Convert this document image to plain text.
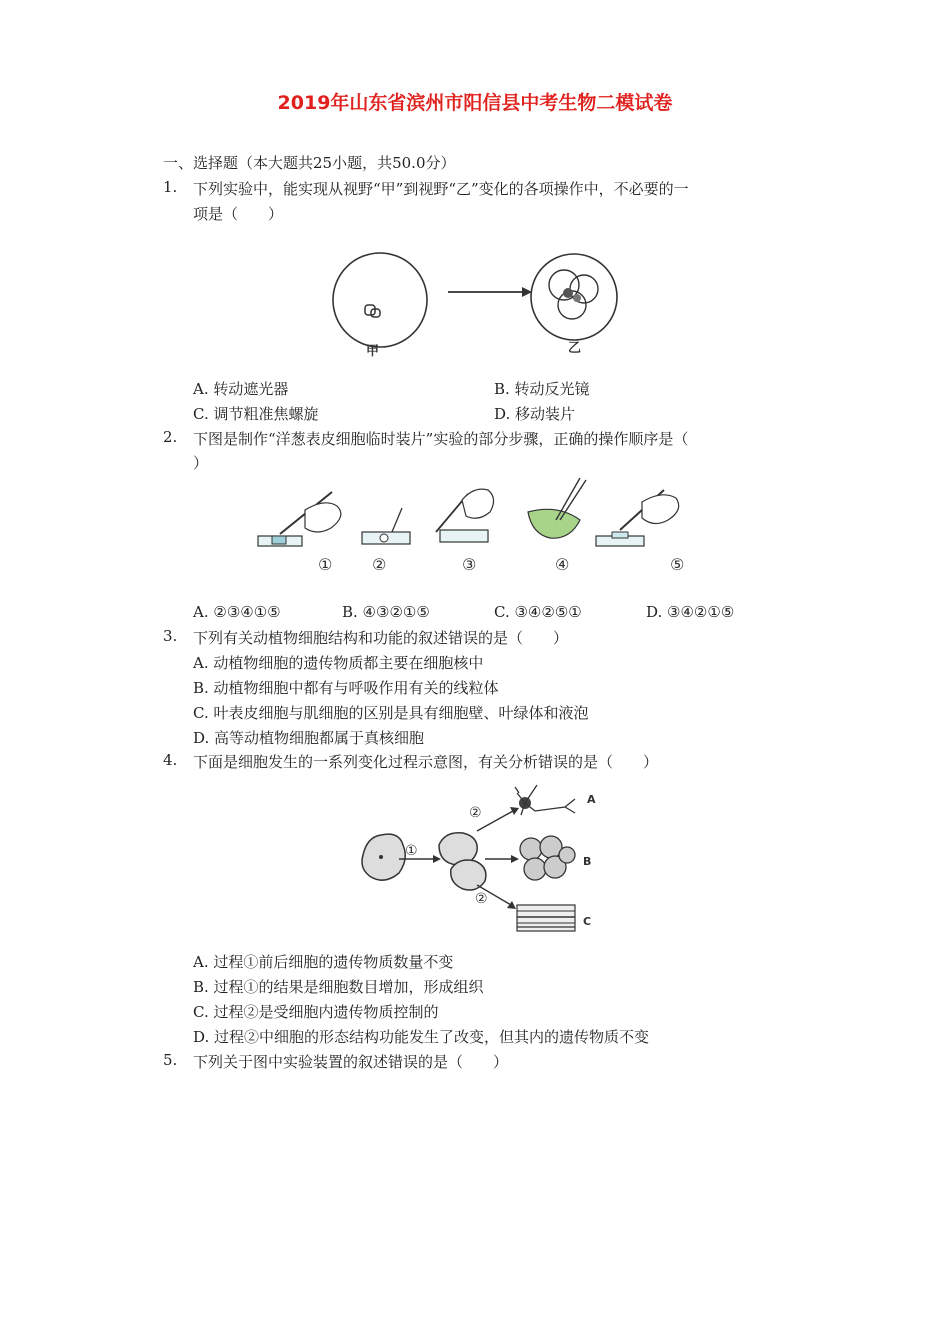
2019年山东省滨州市阳信县中考生物二模试卷
一、选择题（本大题共25小题，共50.0分）
1. 下列实验中，能实现从视野“甲”到视野“乙”变化的各项操作中，不必要的一
项是（　　）
甲	乙
A. 转动遮光器	B. 转动反光镜
C. 调节粗准焦螺旋	D. 移动装片
2. 下图是制作“洋葱表皮细胞临时装片”实验的部分步骤，正确的操作顺序是（
）
① ②	③	④	⑤
A. ②③④①⑤	B. ④③②①⑤	C. ③④②⑤①	D. ③④②①⑤
3. 下列有关动植物细胞结构和功能的叙述错误的是（　　）
A. 动植物细胞的遗传物质都主要在细胞核中
B. 动植物细胞中都有与呼吸作用有关的线粒体
C. 叶表皮细胞与肌细胞的区别是具有细胞壁、叶绿体和液泡
D. 高等动植物细胞都属于真核细胞
4. 下面是细胞发生的一系列变化过程示意图，有关分析错误的是（　　）
①
②
②
A
B
C
A. 过程①前后细胞的遗传物质数量不变
B. 过程①的结果是细胞数目增加，形成组织
C. 过程②是受细胞内遗传物质控制的
D. 过程②中细胞的形态结构功能发生了改变，但其内的遗传物质不变
5. 下列关于图中实验装置的叙述错误的是（　　）
